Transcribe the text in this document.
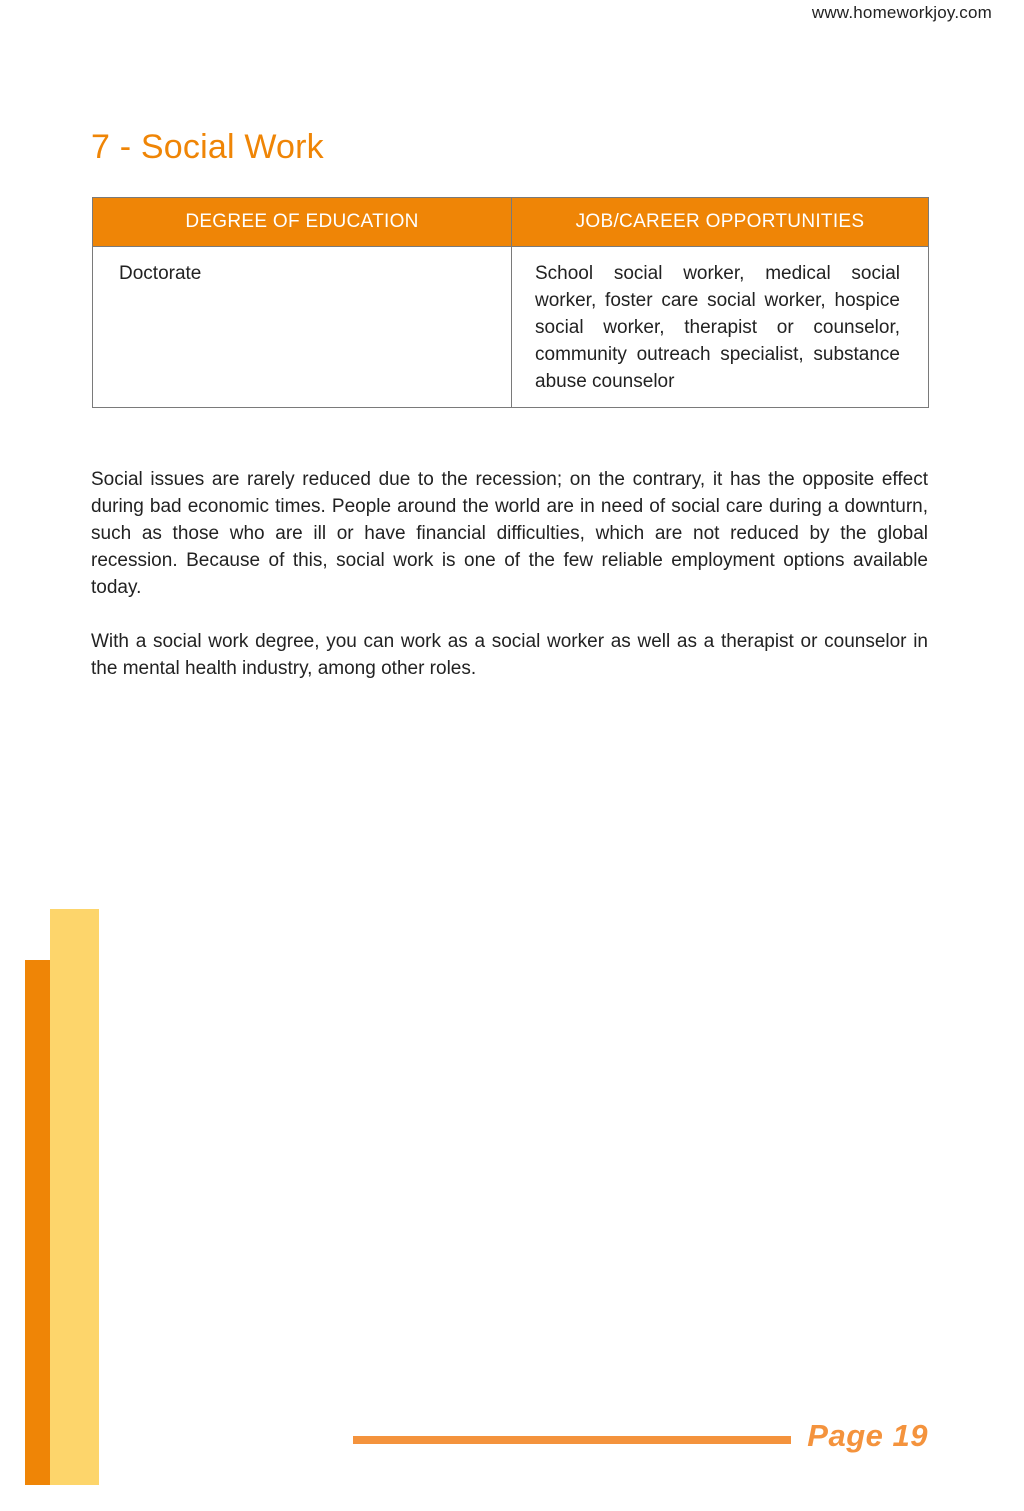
www.homeworkjoy.com
7 - Social Work
DEGREE OF EDUCATION	JOB/CAREER OPPORTUNITIES
Doctorate	School social worker, medical social worker, foster care social worker, hospice social worker, therapist or counselor, community outreach specialist, substance abuse counselor

Social issues are rarely reduced due to the recession; on the contrary, it has the opposite effect during bad economic times. People around the world are in need of social care during a downturn, such as those who are ill or have financial difficulties, which are not reduced by the global recession. Because of this, social work is one of the few reliable employment options available today.

With a social work degree, you can work as a social worker as well as a therapist or counselor in the mental health industry, among other roles.

Page 19
